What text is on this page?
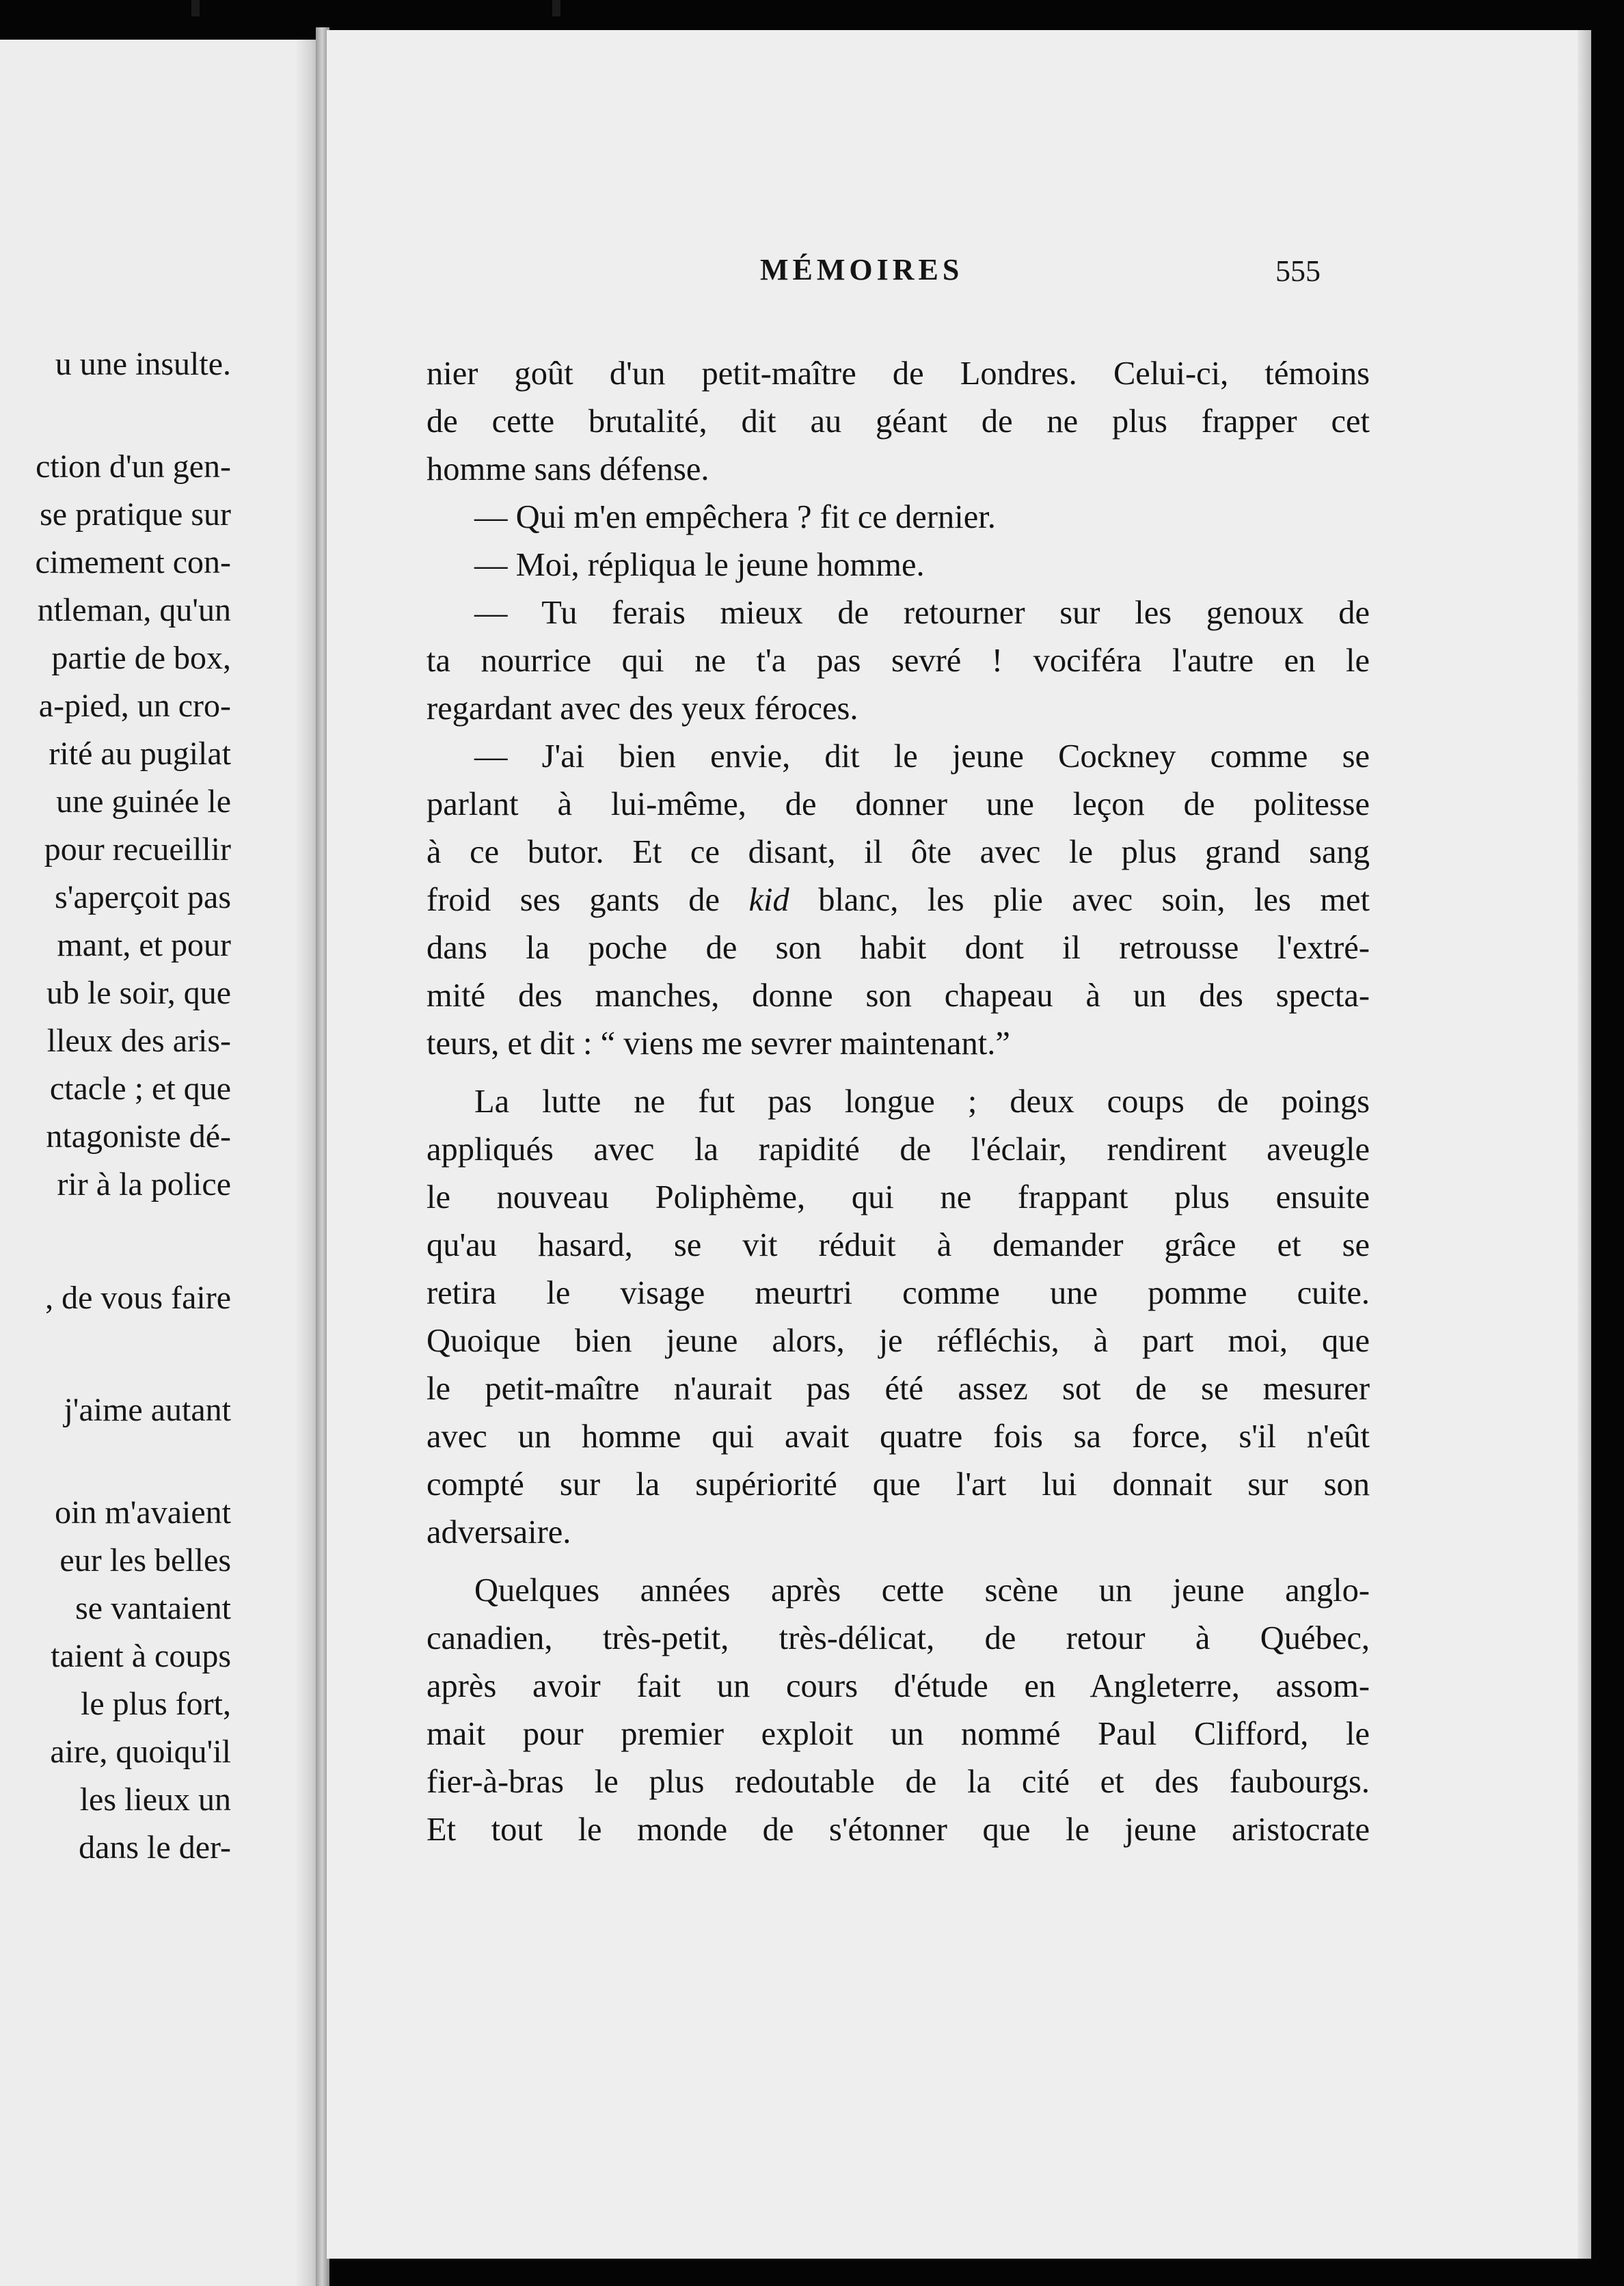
u une insulte.
ction d'un gen-
se pratique sur
cimement con-
ntleman, qu'un
partie de box,
a-pied, un cro-
rité au pugilat
une guinée le
pour recueillir
s'aperçoit pas
mant, et pour
ub le soir, que
lleux des aris-
ctacle ; et que
ntagoniste dé-
rir à la police
, de vous faire
j'aime autant
oin m'avaient
eur les belles
se vantaient
taient à coups
le plus fort,
aire, quoiqu'il
les lieux un
dans le der-
MÉMOIRES	555
nier goût d'un petit-maître de Londres. Celui-ci, témoins
de cette brutalité, dit au géant de ne plus frapper cet
homme sans défense.
— Qui m'en empêchera ? fit ce dernier.
— Moi, répliqua le jeune homme.
— Tu ferais mieux de retourner sur les genoux de
ta nourrice qui ne t'a pas sevré ! vociféra l'autre en le
regardant avec des yeux féroces.
— J'ai bien envie, dit le jeune Cockney comme se
parlant à lui-même, de donner une leçon de politesse
à ce butor. Et ce disant, il ôte avec le plus grand sang
froid ses gants de kid blanc, les plie avec soin, les met
dans la poche de son habit dont il retrousse l'extré-
mité des manches, donne son chapeau à un des specta-
teurs, et dit : “ viens me sevrer maintenant.”
La lutte ne fut pas longue ; deux coups de poings
appliqués avec la rapidité de l'éclair, rendirent aveugle
le nouveau Poliphème, qui ne frappant plus ensuite
qu'au hasard, se vit réduit à demander grâce et se
retira le visage meurtri comme une pomme cuite.
Quoique bien jeune alors, je réfléchis, à part moi, que
le petit-maître n'aurait pas été assez sot de se mesurer
avec un homme qui avait quatre fois sa force, s'il n'eût
compté sur la supériorité que l'art lui donnait sur son
adversaire.
Quelques années après cette scène un jeune anglo-
canadien, très-petit, très-délicat, de retour à Québec,
après avoir fait un cours d'étude en Angleterre, assom-
mait pour premier exploit un nommé Paul Clifford, le
fier-à-bras le plus redoutable de la cité et des faubourgs.
Et tout le monde de s'étonner que le jeune aristocrate
